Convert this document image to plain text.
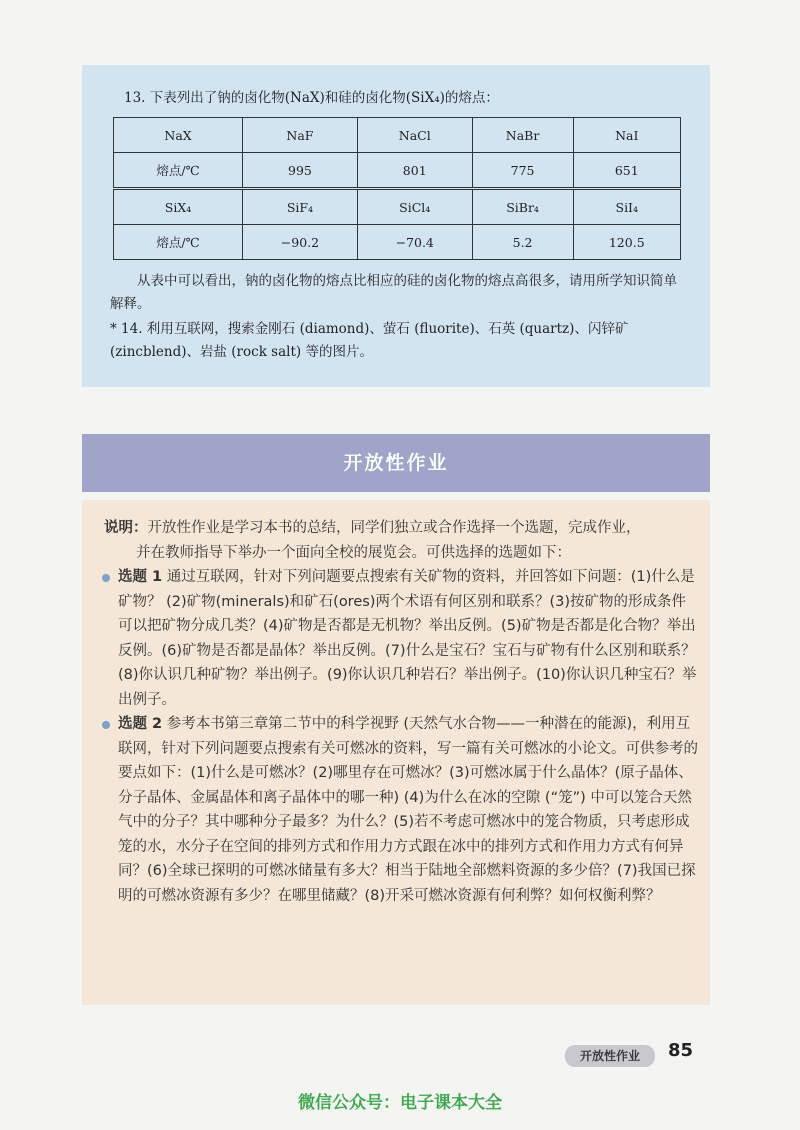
13. 下表列出了钠的卤化物(NaX)和硅的卤化物(SiX₄)的熔点：

NaX	NaF	NaCl	NaBr	NaI
熔点/℃	995	801	775	651
SiX₄	SiF₄	SiCl₄	SiBr₄	SiI₄
熔点/℃	−90.2	−70.4	5.2	120.5

从表中可以看出，钠的卤化物的熔点比相应的硅的卤化物的熔点高很多，请用所学知识简单解释。

* 14. 利用互联网，搜索金刚石 (diamond)、萤石 (fluorite)、石英 (quartz)、闪锌矿 (zincblend)、岩盐 (rock salt) 等的图片。

开放性作业
说明：开放性作业是学习本书的总结，同学们独立或合作选择一个选题，完成作业，
并在教师指导下举办一个面向全校的展览会。可供选择的选题如下：
选题 1 通过互联网，针对下列问题要点搜索有关矿物的资料，并回答如下问题：(1)什么是矿物？ (2)矿物(minerals)和矿石(ores)两个术语有何区别和联系？(3)按矿物的形成条件可以把矿物分成几类？(4)矿物是否都是无机物？举出反例。(5)矿物是否都是化合物？举出反例。(6)矿物是否都是晶体？举出反例。(7)什么是宝石？宝石与矿物有什么区别和联系？(8)你认识几种矿物？举出例子。(9)你认识几种岩石？举出例子。(10)你认识几种宝石？举出例子。
选题 2 参考本书第三章第二节中的科学视野 (天然气水合物——一种潜在的能源)，利用互联网，针对下列问题要点搜索有关可燃冰的资料，写一篇有关可燃冰的小论文。可供参考的要点如下：(1)什么是可燃冰？(2)哪里存在可燃冰？(3)可燃冰属于什么晶体？(原子晶体、分子晶体、金属晶体和离子晶体中的哪一种) (4)为什么在冰的空隙 (“笼”) 中可以笼合天然气中的分子？其中哪种分子最多？为什么？(5)若不考虑可燃冰中的笼合物质，只考虑形成笼的水，水分子在空间的排列方式和作用力方式跟在冰中的排列方式和作用力方式有何异同？(6)全球已探明的可燃冰储量有多大？相当于陆地全部燃料资源的多少倍？(7)我国已探明的可燃冰资源有多少？在哪里储藏？(8)开采可燃冰资源有何利弊？如何权衡利弊？
开放性作业	85
微信公众号：电子课本大全
